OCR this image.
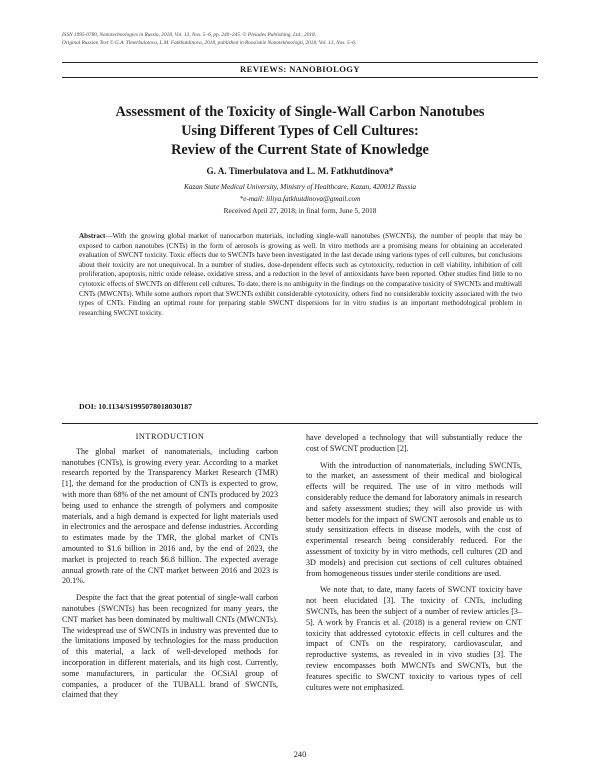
ISSN 1995-0780, Nanotechnologies in Russia, 2018, Vol. 13, Nos. 5–6, pp. 240–245. © Pleiades Publishing, Ltd., 2018.
Original Russian Text © G.A. Timerbulatova, L.M. Fatkhutdinova, 2018, published in Rossiiskie Nanotekhnologii, 2018, Vol. 13, Nos. 5–6.
REVIEWS: NANOBIOLOGY
Assessment of the Toxicity of Single-Wall Carbon Nanotubes
Using Different Types of Cell Cultures:
Review of the Current State of Knowledge
G. A. Timerbulatova and L. M. Fatkhutdinova*
Kazan State Medical University, Ministry of Healthcare, Kazan, 420012 Russia
*e-mail: liliya.fatkhutdinova@gmail.com
Received April 27, 2018; in final form, June 5, 2018
Abstract—With the growing global market of nanocarbon materials, including single-wall nanotubes (SWCNTs), the number of people that may be exposed to carbon nanotubes (CNTs) in the form of aerosols is growing as well. In vitro methods are a promising means for obtaining an accelerated evaluation of SWCNT toxicity. Toxic effects due to SWCNTs have been investigated in the last decade using various types of cell cultures, but conclusions about their toxicity are not unequivocal. In a number of studies, dose-dependent effects such as cytotoxicity, reduction in cell viability, inhibition of cell proliferation, apoptosis, nitric oxide release, oxidative stress, and a reduction in the level of antioxidants have been reported. Other studies find little to no cytotoxic effects of SWCNTs on different cell cultures. To date, there is no ambiguity in the findings on the comparative toxicity of SWCNTs and multiwall CNTs (MWCNTs). While some authors report that SWCNTs exhibit considerable cytotoxicity, others find no considerable toxicity associated with the two types of CNTs. Finding an optimal route for preparing stable SWCNT dispersions for in vitro studies is an important methodological problem in researching SWCNT toxicity.
DOI: 10.1134/S1995078018030187
INTRODUCTION

The global market of nanomaterials, including carbon nanotubes (CNTs), is growing every year. According to a market research reported by the Transparency Market Research (TMR) [1], the demand for the production of CNTs is expected to grow, with more than 68% of the net amount of CNTs produced by 2023 being used to enhance the strength of polymers and composite materials, and a high demand is expected for light materials used in electronics and the aerospace and defense industries. According to estimates made by the TMR, the global market of CNTs amounted to $1.6 billion in 2016 and, by the end of 2023, the market is projected to reach $6.8 billion. The expected average annual growth rate of the CNT market between 2016 and 2023 is 20.1%.

Despite the fact that the great potential of single-wall carbon nanotubes (SWCNTs) has been recognized for many years, the CNT market has been dominated by multiwall CNTs (MWCNTs). The widespread use of SWCNTs in industry was prevented due to the limitations imposed by technologies for the mass production of this material, a lack of well-developed methods for incorporation in different materials, and its high cost. Currently, some manufacturers, in particular the OCSiAl group of companies, a producer of the TUBALL brand of SWCNTs, claimed that they

have developed a technology that will substantially reduce the cost of SWCNT production [2].

With the introduction of nanomaterials, including SWCNTs, to the market, an assessment of their medical and biological effects will be required. The use of in vitro methods will considerably reduce the demand for laboratory animals in research and safety assessment studies; they will also provide us with better models for the impact of SWCNT aerosols and enable us to study sensitization effects in disease models, with the cost of experimental research being considerably reduced. For the assessment of toxicity by in vitro methods, cell cultures (2D and 3D models) and precision cut sections of cell cultures obtained from homogeneous tissues under sterile conditions are used.

We note that, to date, many facets of SWCNT toxicity have not been elucidated [3]. The toxicity of CNTs, including SWCNTs, has been the subject of a number of review articles [3–5]. A work by Francis et al. (2018) is a general review on CNT toxicity that addressed cytotoxic effects in cell cultures and the impact of CNTs on the respiratory, cardiovascular, and reproductive systems, as revealed in in vivo studies [3]. The review encompasses both MWCNTs and SWCNTs, but the features specific to SWCNT toxicity to various types of cell cultures were not emphasized.

240
